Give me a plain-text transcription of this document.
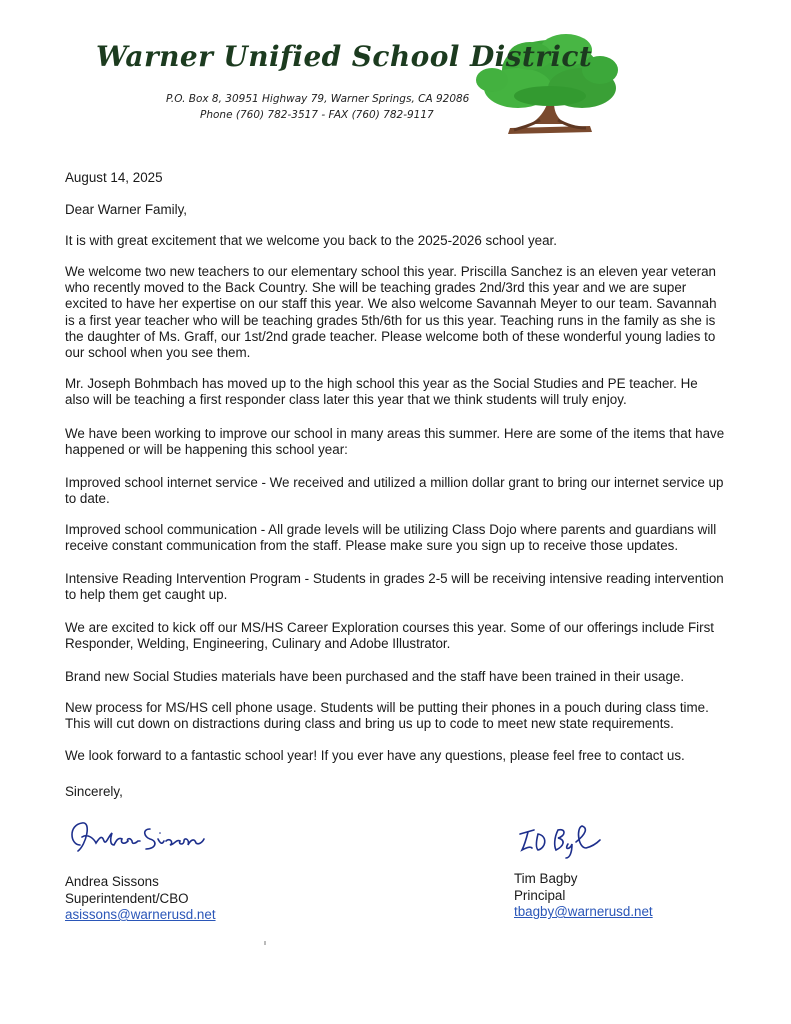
Warner Unified School District
P.O. Box 8, 30951 Highway 79, Warner Springs, CA 92086
Phone (760) 782-3517 - FAX (760) 782-9117

August 14, 2025

Dear Warner Family,

It is with great excitement that we welcome you back to the 2025-2026 school year.

We welcome two new teachers to our elementary school this year. Priscilla Sanchez is an eleven year veteran who recently moved to the Back Country. She will be teaching grades 2nd/3rd this year and we are super excited to have her expertise on our staff this year. We also welcome Savannah Meyer to our team. Savannah is a first year teacher who will be teaching grades 5th/6th for us this year. Teaching runs in the family as she is the daughter of Ms. Graff, our 1st/2nd grade teacher. Please welcome both of these wonderful young ladies to our school when you see them.

Mr. Joseph Bohmbach has moved up to the high school this year as the Social Studies and PE teacher. He also will be teaching a first responder class later this year that we think students will truly enjoy.

We have been working to improve our school in many areas this summer. Here are some of the items that have happened or will be happening this school year:

Improved school internet service - We received and utilized a million dollar grant to bring our internet service up to date.

Improved school communication - All grade levels will be utilizing Class Dojo where parents and guardians will receive constant communication from the staff. Please make sure you sign up to receive those updates.

Intensive Reading Intervention Program - Students in grades 2-5 will be receiving intensive reading intervention to help them get caught up.

We are excited to kick off our MS/HS Career Exploration courses this year. Some of our offerings include First Responder, Welding, Engineering, Culinary and Adobe Illustrator.

Brand new Social Studies materials have been purchased and the staff have been trained in their usage.

New process for MS/HS cell phone usage. Students will be putting their phones in a pouch during class time. This will cut down on distractions during class and bring us up to code to meet new state requirements.

We look forward to a fantastic school year! If you ever have any questions, please feel free to contact us.

Sincerely,

Andrea Sissons
Superintendent/CBO
asissons@warnerusd.net
Tim Bagby
Principal
tbagby@warnerusd.net
